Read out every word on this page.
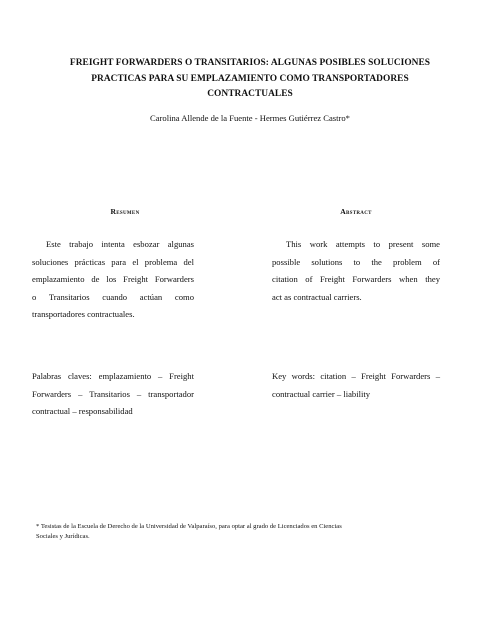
FREIGHT FORWARDERS O TRANSITARIOS: ALGUNAS POSIBLES SOLUCIONES
PRACTICAS PARA SU EMPLAZAMIENTO COMO TRANSPORTADORES
CONTRACTUALES
Carolina Allende de la Fuente - Hermes Gutiérrez Castro*
Resumen	Abstract
Este trabajo intenta esbozar algunas
soluciones prácticas para el problema del
emplazamiento de los Freight Forwarders
o Transitarios cuando actúan como
transportadores contractuales.
This work attempts to present some
possible solutions to the problem of
citation of Freight Forwarders when they
act as contractual carriers.
Palabras claves: emplazamiento – Freight
Forwarders – Transitarios – transportador
contractual – responsabilidad
Key words: citation – Freight Forwarders –
contractual carrier – liability
* Tesistas de la Escuela de Derecho de la Universidad de Valparaíso, para optar al grado de Licenciados en Ciencias
Sociales y Jurídicas.
